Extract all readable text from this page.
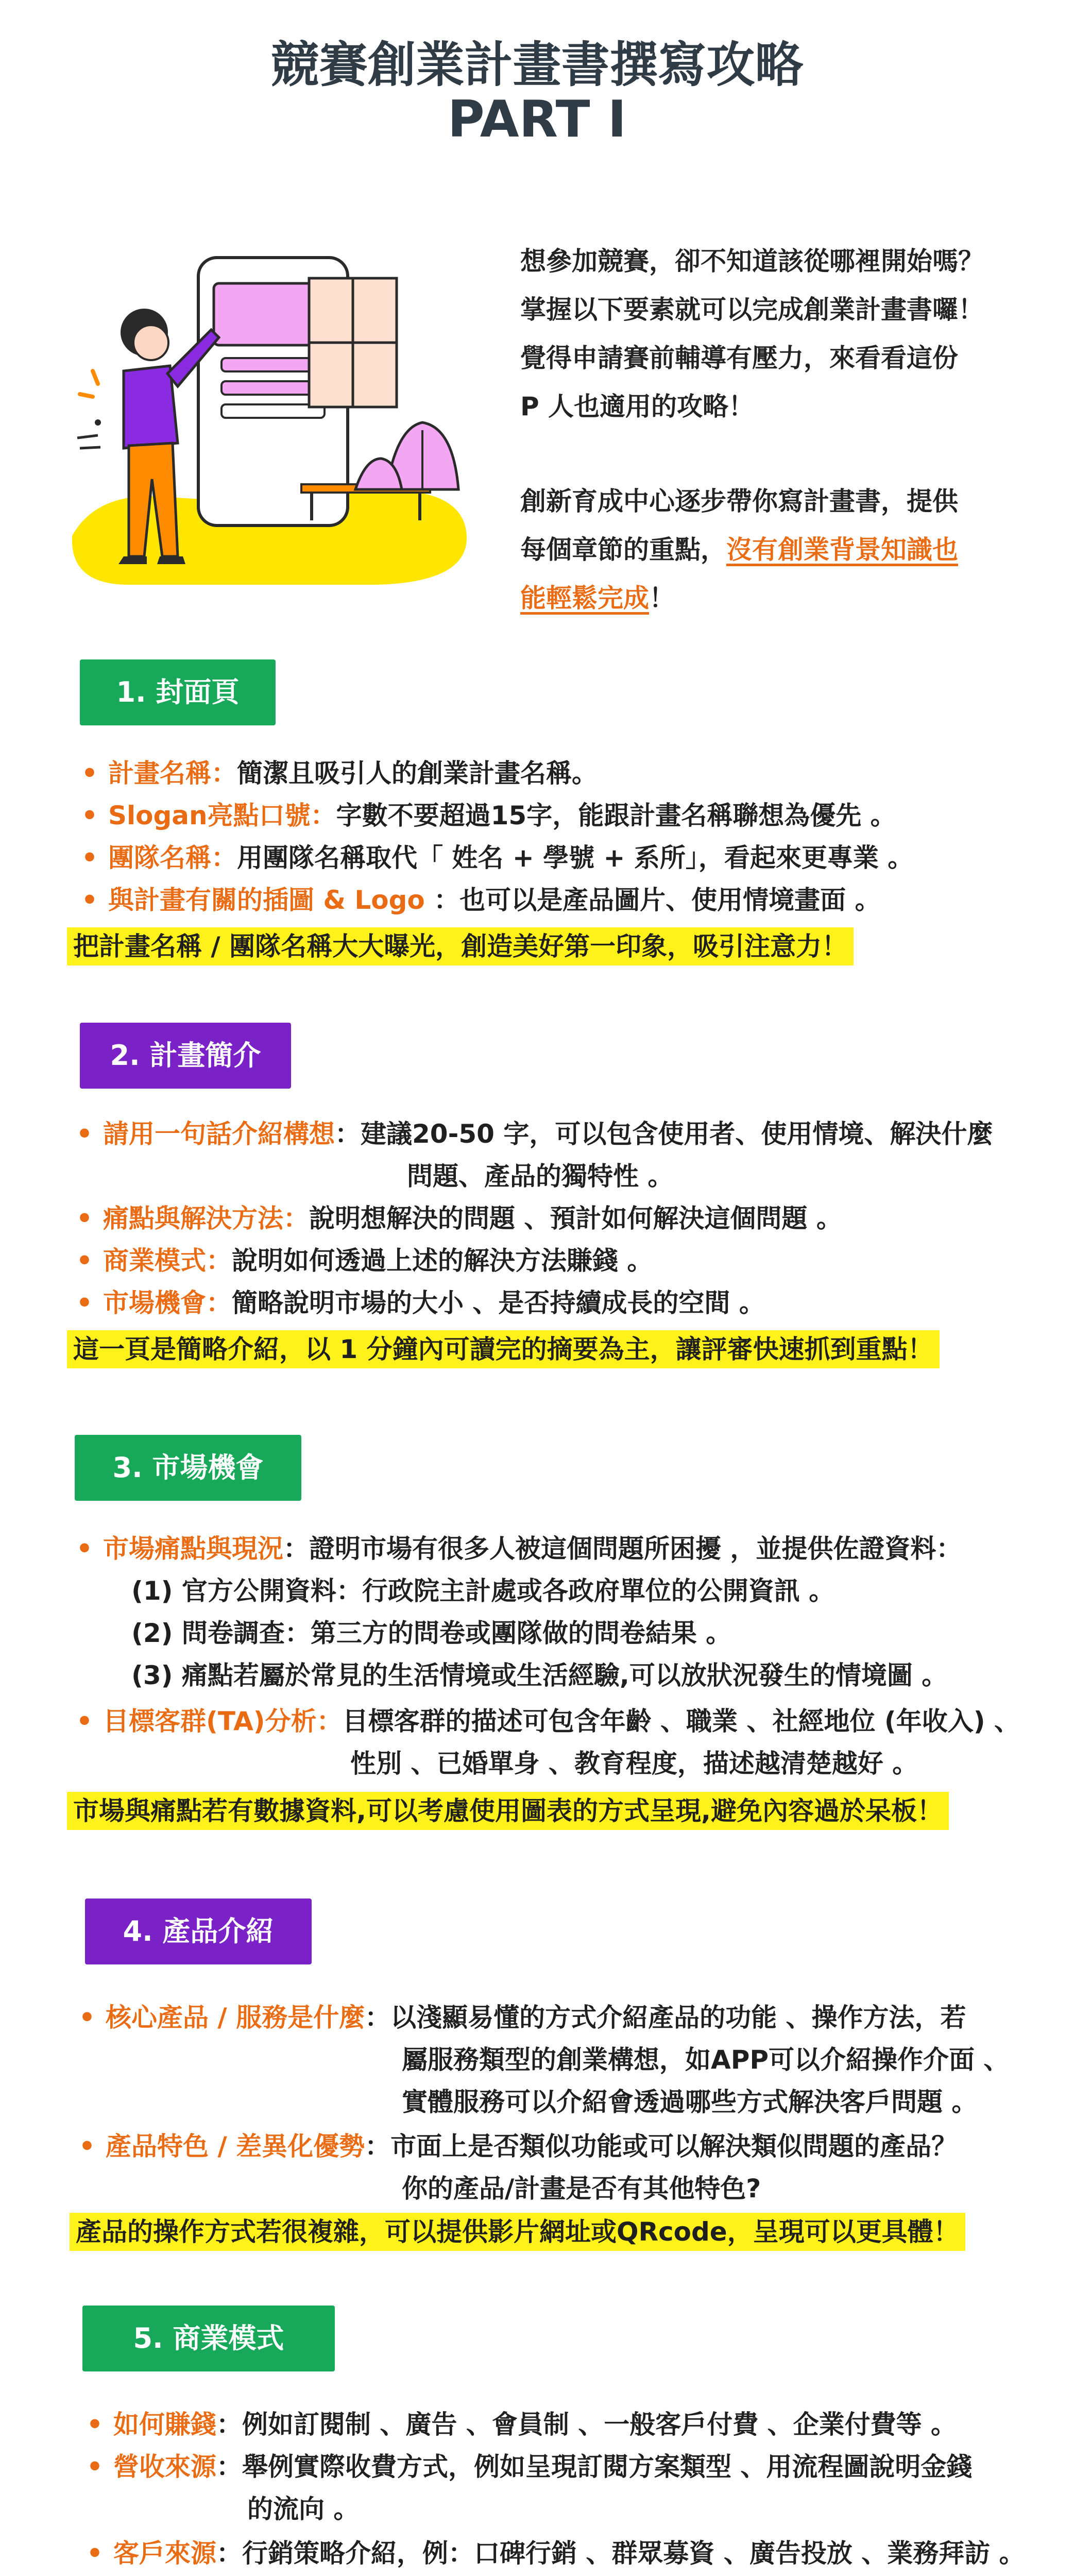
競賽創業計畫書撰寫攻略
PART I

想參加競賽，卻不知道該從哪裡開始嗎？

掌握以下要素就可以完成創業計畫書囉！

覺得申請賽前輔導有壓力，來看看這份

P 人也適用的攻略！

創新育成中心逐步帶你寫計畫書，提供

每個章節的重點，沒有創業背景知識也

能輕鬆完成！

1. 封面頁
• 計畫名稱：簡潔且吸引人的創業計畫名稱。
• Slogan亮點口號：字數不要超過15字，能跟計畫名稱聯想為優先 。
• 團隊名稱：用團隊名稱取代「 姓名 + 學號 + 系所」，看起來更專業 。
• 與計畫有關的插圖 & Logo ：也可以是產品圖片、使用情境畫面 。
把計畫名稱 / 團隊名稱大大曝光，創造美好第一印象，吸引注意力！
2. 計畫簡介
• 請用一句話介紹構想：建議20-50 字，可以包含使用者、使用情境、解決什麼
問題、產品的獨特性 。
• 痛點與解決方法：說明想解決的問題 、預計如何解決這個問題 。
• 商業模式：說明如何透過上述的解決方法賺錢 。
• 市場機會：簡略說明市場的大小 、是否持續成長的空間 。
這一頁是簡略介紹，以 1 分鐘內可讀完的摘要為主，讓評審快速抓到重點！
3. 市場機會
• 市場痛點與現況：證明市場有很多人被這個問題所困擾 ，並提供佐證資料：
(1) 官方公開資料：行政院主計處或各政府單位的公開資訊 。
(2) 問卷調查：第三方的問卷或團隊做的問卷結果 。
(3) 痛點若屬於常見的生活情境或生活經驗,可以放狀況發生的情境圖 。
• 目標客群(TA)分析：目標客群的描述可包含年齡 、職業 、社經地位 (年收入) 、
性別 、已婚單身 、教育程度，描述越清楚越好 。
市場與痛點若有數據資料,可以考慮使用圖表的方式呈現,避免內容過於呆板！
4. 產品介紹
• 核心產品 / 服務是什麼：以淺顯易懂的方式介紹產品的功能 、操作方法，若
屬服務類型的創業構想，如APP可以介紹操作介面 、
實體服務可以介紹會透過哪些方式解決客戶問題 。
• 產品特色 / 差異化優勢：市面上是否類似功能或可以解決類似問題的產品？
你的產品/計畫是否有其他特色?
產品的操作方式若很複雜，可以提供影片網址或QRcode，呈現可以更具體！
5. 商業模式
• 如何賺錢：例如訂閱制 、廣告 、會員制 、一般客戶付費 、企業付費等 。
• 營收來源：舉例實際收費方式，例如呈現訂閱方案類型 、用流程圖說明金錢
的流向 。
• 客戶來源：行銷策略介紹，例：口碑行銷 、群眾募資 、廣告投放 、業務拜訪 。
